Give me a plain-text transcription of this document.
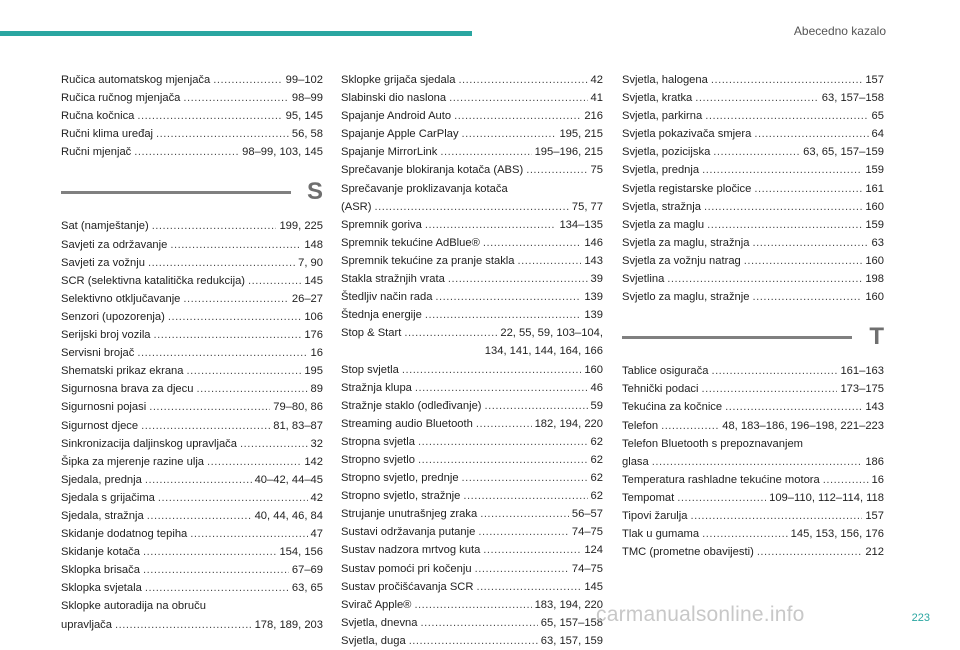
Abecedno kazalo
Ručica automatskog mjenjača . . .	99–102
Ručica ručnog mjenjača . . .	98–99
Ručna kočnica . . .	95, 145
Ručni klima uređaj . . .	56, 58
Ručni mjenjač . . .	98–99, 103, 145
S
Sat (namještanje) . . .	199, 225
Savjeti za održavanje . . .	148
Savjeti za vožnju . . .	7, 90
SCR (selektivna katalitička redukcija) . . .	145
Selektivno otključavanje . . .	26–27
Senzori (upozorenja) . . .	106
Serijski broj vozila . . .	176
Servisni brojač . . .	16
Shematski prikaz ekrana . . .	195
Sigurnosna brava za djecu . . .	89
Sigurnosni pojasi . . .	79–80, 86
Sigurnost djece . . .	81, 83–87
Sinkronizacija daljinskog upravljača . . .	32
Šipka za mjerenje razine ulja . . .	142
Sjedala, prednja . . .	40–42, 44–45
Sjedala s grijačima . . .	42
Sjedala, stražnja . . .	40, 44, 46, 84
Skidanje dodatnog tepiha . . .	47
Skidanje kotača . . .	154, 156
Sklopka brisača . . .	67–69
Sklopka svjetala . . .	63, 65
Sklopke autoradija na obruču
upravljača . . .	178, 189, 203
Sklopke grijača sjedala . . .	42
Slabinski dio naslona . . .	41
Spajanje Android Auto . . .	216
Spajanje Apple CarPlay . . .	195, 215
Spajanje MirrorLink . . .	195–196, 215
Sprečavanje blokiranja kotača (ABS) . . .	75
Sprečavanje proklizavanja kotača
(ASR) . . .	75, 77
Spremnik goriva . . .	134–135
Spremnik tekućine AdBlue® . . .	146
Spremnik tekućine za pranje stakla . . .	143
Stakla stražnjih vrata . . .	39
Štedljiv način rada . . .	139
Štednja energije . . .	139
Stop & Start . . .	22, 55, 59, 103–104,
134, 141, 144, 164, 166
Stop svjetla . . .	160
Stražnja klupa . . .	46
Stražnje staklo (odleđivanje) . . .	59
Streaming audio Bluetooth . . .	182, 194, 220
Stropna svjetla . . .	62
Stropno svjetlo . . .	62
Stropno svjetlo, prednje . . .	62
Stropno svjetlo, stražnje . . .	62
Strujanje unutrašnjeg zraka . . .	56–57
Sustavi održavanja putanje . . .	74–75
Sustav nadzora mrtvog kuta . . .	124
Sustav pomoći pri kočenju . . .	74–75
Sustav pročišćavanja SCR . . .	145
Svirač Apple® . . .	183, 194, 220
Svjetla, dnevna . . .	65, 157–158
Svjetla, duga . . .	63, 157, 159
Svjetla, halogena . . .	157
Svjetla, kratka . . .	63, 157–158
Svjetla, parkirna . . .	65
Svjetla pokazivača smjera . . .	64
Svjetla, pozicijska . . .	63, 65, 157–159
Svjetla, prednja . . .	159
Svjetla registarske pločice . . .	161
Svjetla, stražnja . . .	160
Svjetla za maglu . . .	159
Svjetla za maglu, stražnja . . .	63
Svjetla za vožnju natrag . . .	160
Svjetlina . . .	198
Svjetlo za maglu, stražnje . . .	160
T
Tablice osigurača . . .	161–163
Tehnički podaci . . .	173–175
Tekućina za kočnice . . .	143
Telefon . . .	48, 183–186, 196–198, 221–223
Telefon Bluetooth s prepoznavanjem
glasa . . .	186
Temperatura rashladne tekućine motora . . .	16
Tempomat . . .	109–110, 112–114, 118
Tipovi žarulja . . .	157
Tlak u gumama . . .	145, 153, 156, 176
TMC (prometne obavijesti) . . .	212
carmanualsonline.info	223
